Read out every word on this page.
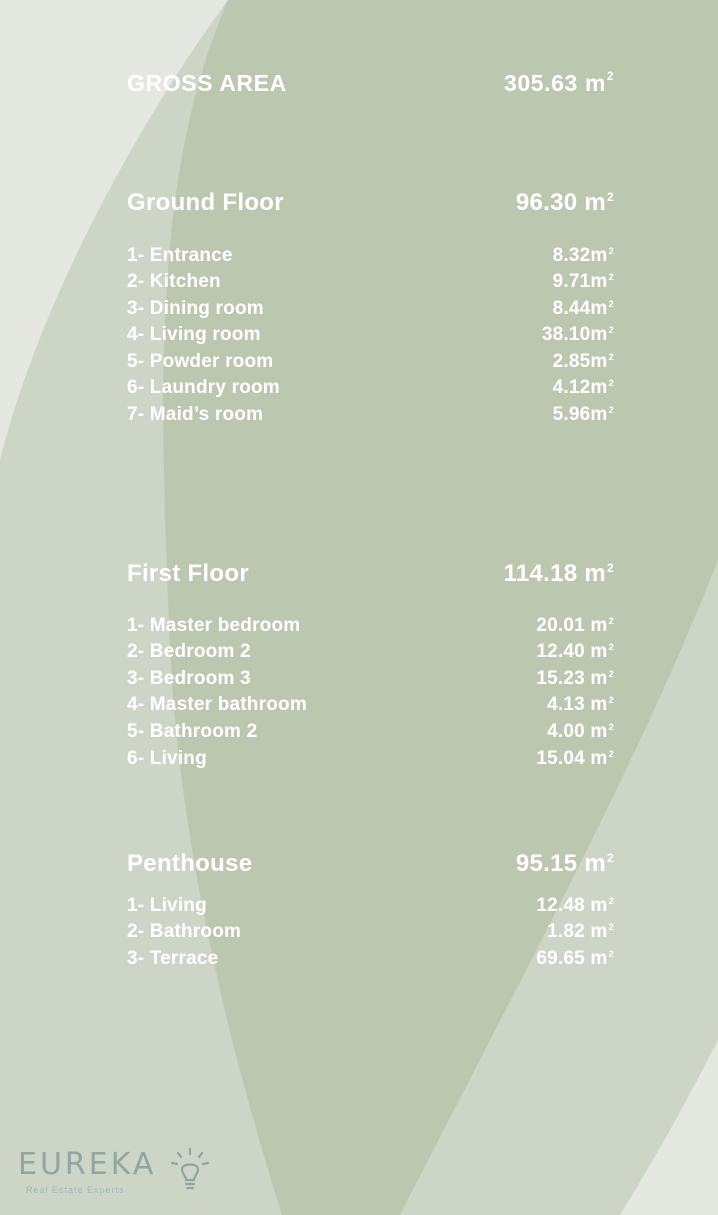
GROSS AREA	305.63 $m^2$
Ground Floor	96.30 $m^2$
1- Entrance	$8.32m^2$
2- Kitchen	$9.71m^2$
3- Dining room	$8.44m^2$
4- Living room	$38.10m^2$
5- Powder room	$2.85m^2$
6- Laundry room	$4.12m^2$
7- Maid’s room	$5.96m^2$
First Floor	114.18 $m^2$
1- Master bedroom	20.01 $m^2$
2- Bedroom 2	12.40 $m^2$
3- Bedroom 3	15.23 $m^2$
4- Master bathroom	4.13 $m^2$
5- Bathroom 2	4.00 $m^2$
6- Living	15.04 $m^2$
Penthouse	95.15 $m^2$
1- Living	12.48 $m^2$
2- Bathroom	1.82 $m^2$
3- Terrace	69.65 $m^2$
EUREKA
Real Estate Experts
